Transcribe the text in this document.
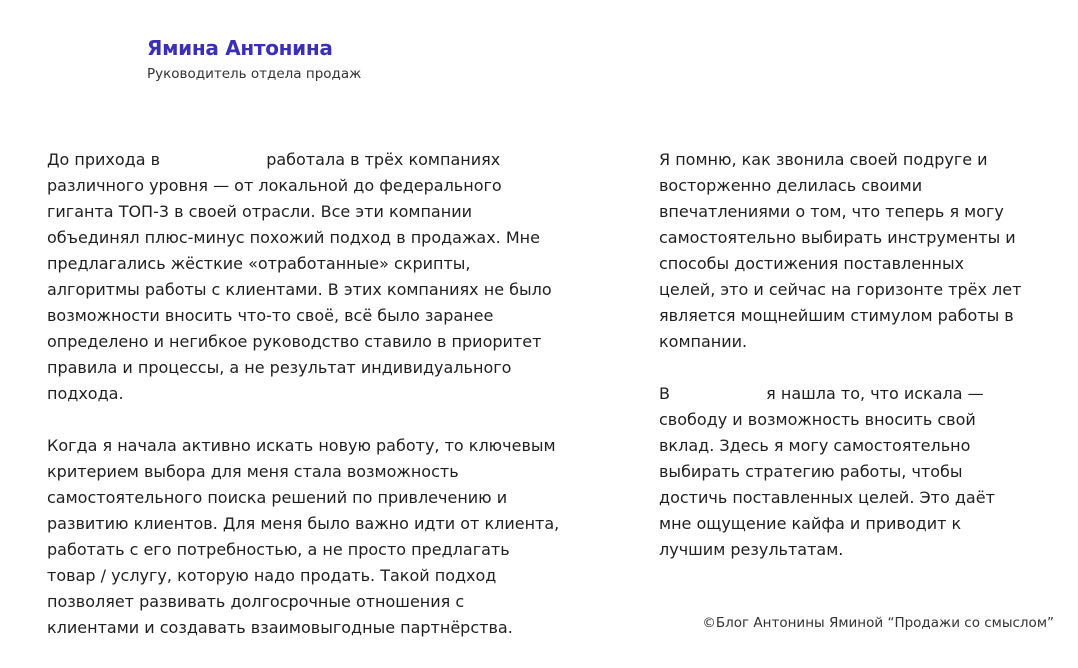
Ямина Антонина
Руководитель отдела продаж

До прихода в	работала в трёх компаниях
различного уровня — от локальной до федерального
гиганта ТОП-3 в своей отрасли. Все эти компании
объединял плюс-минус похожий подход в продажах. Мне
предлагались жёсткие «отработанные» скрипты,
алгоритмы работы с клиентами. В этих компаниях не было
возможности вносить что-то своё, всё было заранее
определено и негибкое руководство ставило в приоритет
правила и процессы, а не результат индивидуального
подхода.

Когда я начала активно искать новую работу, то ключевым
критерием выбора для меня стала возможность
самостоятельного поиска решений по привлечению и
развитию клиентов. Для меня было важно идти от клиента,
работать с его потребностью, а не просто предлагать
товар / услугу, которую надо продать. Такой подход
позволяет развивать долгосрочные отношения с
клиентами и создавать взаимовыгодные партнёрства.

Я помню, как звонила своей подруге и
восторженно делилась своими
впечатлениями о том, что теперь я могу
самостоятельно выбирать инструменты и
способы достижения поставленных
целей, это и сейчас на горизонте трёх лет
является мощнейшим стимулом работы в
компании.

В	я нашла то, что искала —
свободу и возможность вносить свой
вклад. Здесь я могу самостоятельно
выбирать стратегию работы, чтобы
достичь поставленных целей. Это даёт
мне ощущение кайфа и приводит к
лучшим результатам.

©Блог Антонины Яминой “Продажи со смыслом”
